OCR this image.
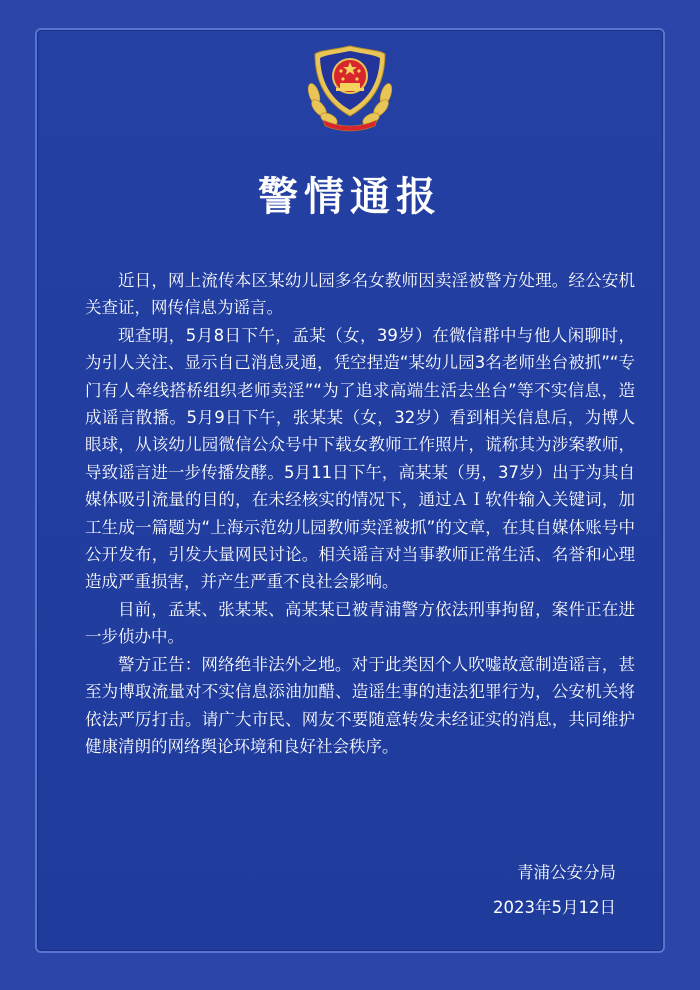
警情通报

近日，网上流传本区某幼儿园多名女教师因卖淫被警方处理。经公安机关查证，网传信息为谣言。

现查明，5月8日下午，孟某（女，39岁）在微信群中与他人闲聊时，为引人关注、显示自己消息灵通，凭空捏造“某幼儿园3名老师坐台被抓”“专门有人牵线搭桥组织老师卖淫”“为了追求高端生活去坐台”等不实信息，造成谣言散播。5月9日下午，张某某（女，32岁）看到相关信息后，为博人眼球，从该幼儿园微信公众号中下载女教师工作照片，谎称其为涉案教师，导致谣言进一步传播发酵。5月11日下午，高某某（男，37岁）出于为其自媒体吸引流量的目的，在未经核实的情况下，通过ＡＩ软件输入关键词，加工生成一篇题为“上海示范幼儿园教师卖淫被抓”的文章，在其自媒体账号中公开发布，引发大量网民讨论。相关谣言对当事教师正常生活、名誉和心理造成严重损害，并产生严重不良社会影响。

目前，孟某、张某某、高某某已被青浦警方依法刑事拘留，案件正在进一步侦办中。

警方正告：网络绝非法外之地。对于此类因个人吹嘘故意制造谣言，甚至为博取流量对不实信息添油加醋、造谣生事的违法犯罪行为，公安机关将依法严厉打击。请广大市民、网友不要随意转发未经证实的消息，共同维护健康清朗的网络舆论环境和良好社会秩序。

青浦公安分局
2023年5月12日
